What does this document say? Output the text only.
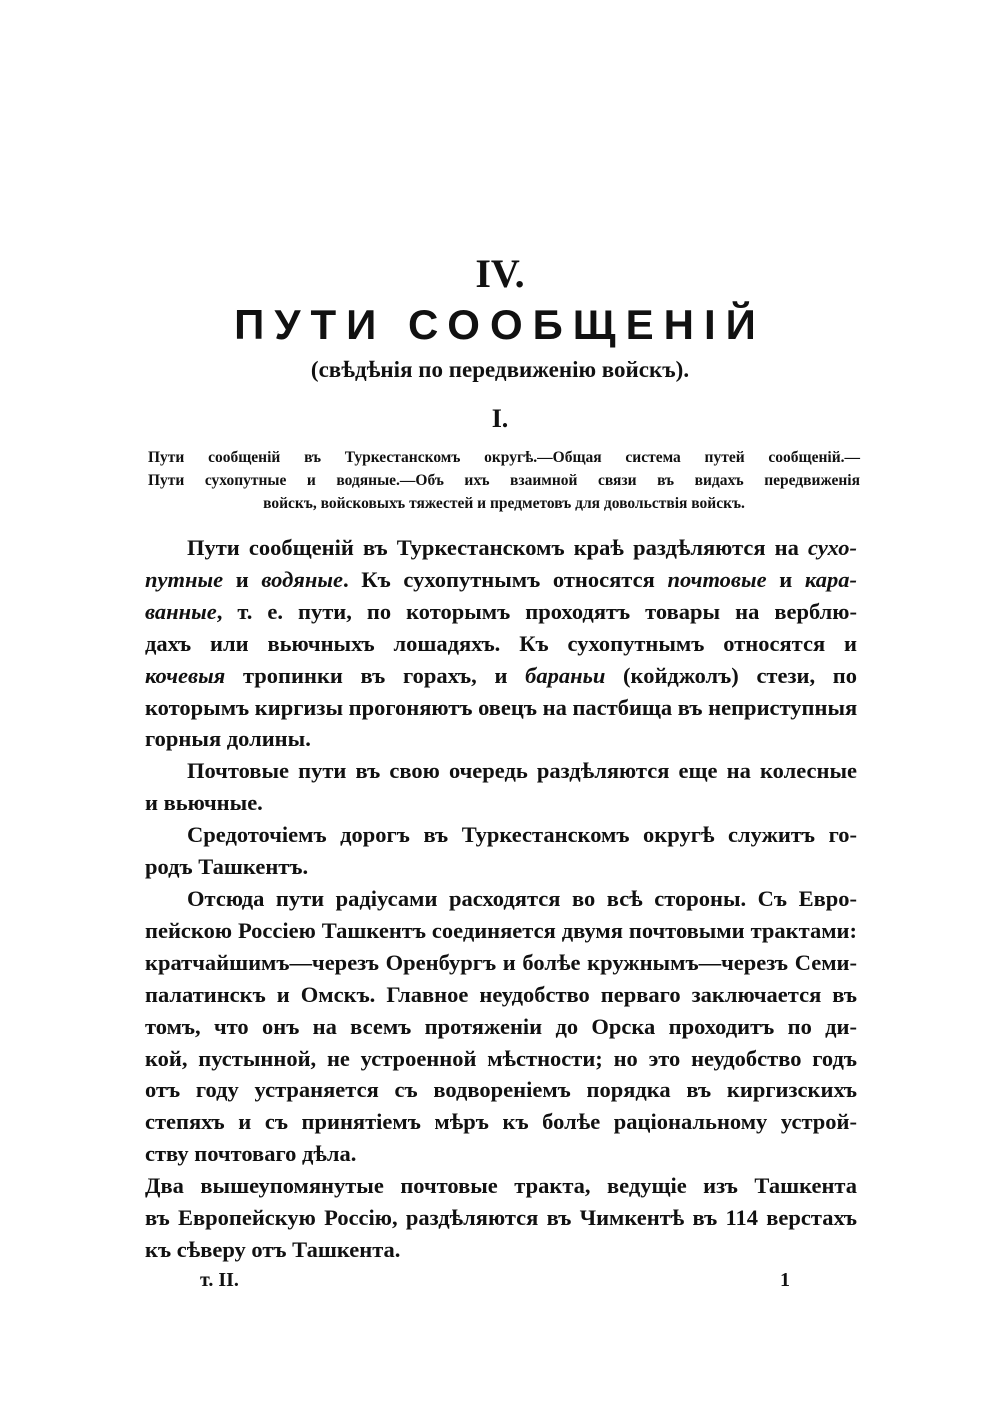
IV.
ПУТИ СООБЩЕНІЙ
(свѣдѣнія по передвиженію войскъ).
I.
Пути сообщеній въ Туркестанскомъ округѣ.—Общая система путей сообщеній.—
Пути сухопутные и водяные.—Объ ихъ взаимной связи въ видахъ передвиженія
войскъ, войсковыхъ тяжестей и предметовъ для довольствія войскъ.
Пути сообщеній въ Туркестанскомъ краѣ раздѣляются на сухо-
путные и водяные. Къ сухопутнымъ относятся почтовые и кара-
ванные, т. е. пути, по которымъ проходятъ товары на верблю-
дахъ или вьючныхъ лошадяхъ. Къ сухопутнымъ относятся и
кочевыя тропинки въ горахъ, и бараньи (койджолъ) стези, по
которымъ киргизы прогоняютъ овецъ на пастбища въ неприступныя
горныя долины.
Почтовые пути въ свою очередь раздѣляются еще на колесные
и вьючные.
Средоточіемъ дорогъ въ Туркестанскомъ округѣ служитъ го-
родъ Ташкентъ.
Отсюда пути радіусами расходятся во всѣ стороны. Съ Евро-
пейскою Россіею Ташкентъ соединяется двумя почтовыми трактами:
кратчайшимъ—черезъ Оренбургъ и болѣе кружнымъ—черезъ Семи-
палатинскъ и Омскъ. Главное неудобство перваго заключается въ
томъ, что онъ на всемъ протяженіи до Орска проходитъ по ди-
кой, пустынной, не устроенной мѣстности; но это неудобство годъ
отъ году устраняется съ водвореніемъ порядка въ киргизскихъ
степяхъ и съ принятіемъ мѣръ къ болѣе раціональному устрой-
ству почтоваго дѣла.
Два вышеупомянутые почтовые тракта, ведущіе изъ Ташкента
въ Европейскую Россію, раздѣляются въ Чимкентѣ въ 114 верстахъ
къ сѣверу отъ Ташкента.
т. II.	1
